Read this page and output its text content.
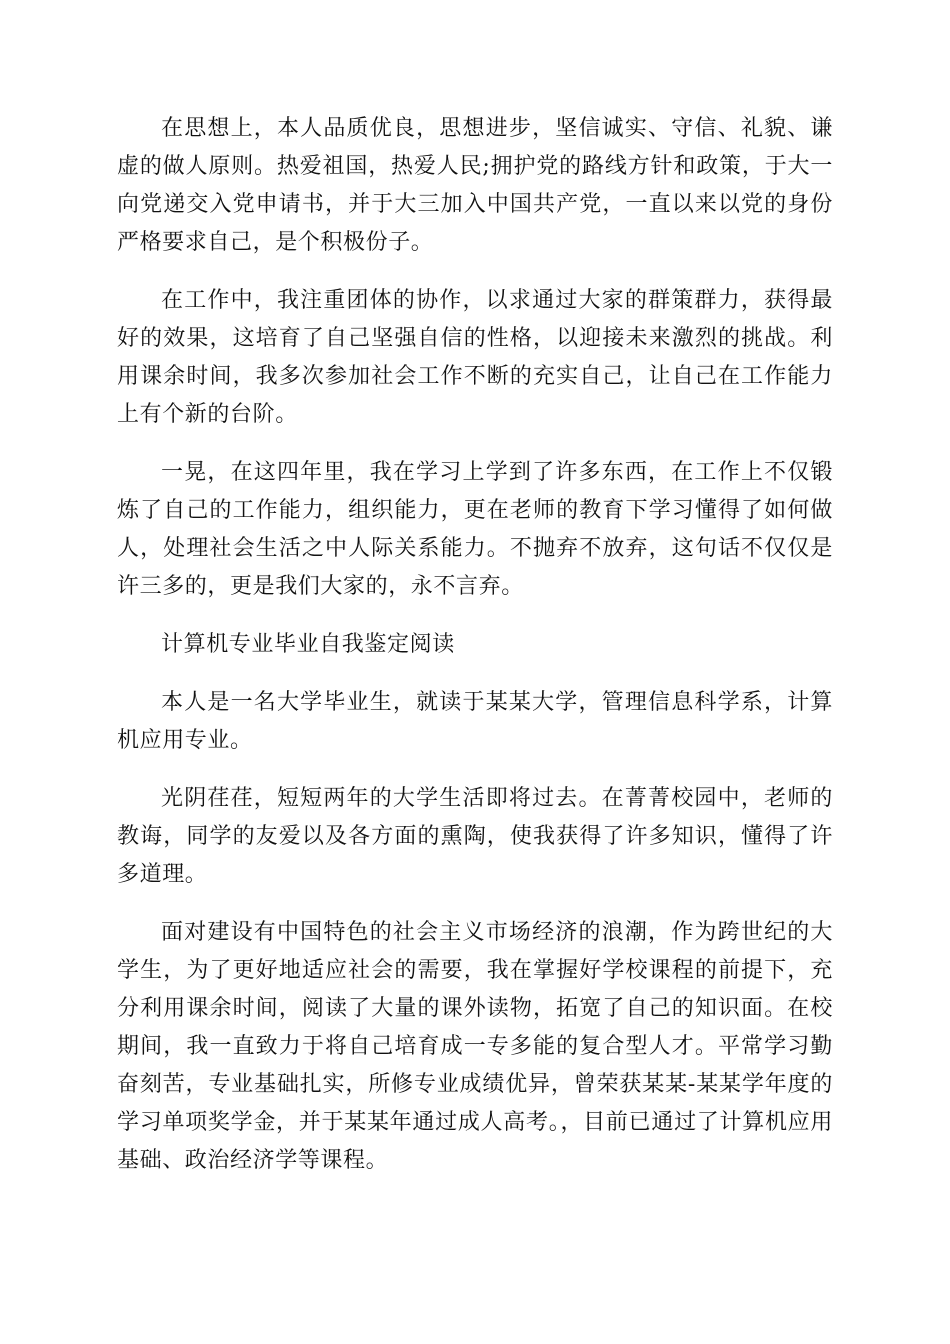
在思想上，本人品质优良，思想进步，坚信诚实、守信、礼貌、谦虚的做人原则。热爱祖国，热爱人民;拥护党的路线方针和政策，于大一向党递交入党申请书，并于大三加入中国共产党，一直以来以党的身份严格要求自己，是个积极份子。

在工作中，我注重团体的协作，以求通过大家的群策群力，获得最好的效果，这培育了自己坚强自信的性格，以迎接未来激烈的挑战。利用课余时间，我多次参加社会工作不断的充实自己，让自己在工作能力上有个新的台阶。

一晃，在这四年里，我在学习上学到了许多东西，在工作上不仅锻炼了自己的工作能力，组织能力，更在老师的教育下学习懂得了如何做人，处理社会生活之中人际关系能力。不抛弃不放弃，这句话不仅仅是许三多的，更是我们大家的，永不言弃。

计算机专业毕业自我鉴定阅读

本人是一名大学毕业生，就读于某某大学，管理信息科学系，计算机应用专业。

光阴荏荏，短短两年的大学生活即将过去。在菁菁校园中，老师的教诲，同学的友爱以及各方面的熏陶，使我获得了许多知识，懂得了许多道理。

面对建设有中国特色的社会主义市场经济的浪潮，作为跨世纪的大学生，为了更好地适应社会的需要，我在掌握好学校课程的前提下，充分利用课余时间，阅读了大量的课外读物，拓宽了自己的知识面。在校期间，我一直致力于将自己培育成一专多能的复合型人才。平常学习勤奋刻苦，专业基础扎实，所修专业成绩优异，曾荣获某某-某某学年度的学习单项奖学金，并于某某年通过成人高考。，目前已通过了计算机应用基础、政治经济学等课程。
